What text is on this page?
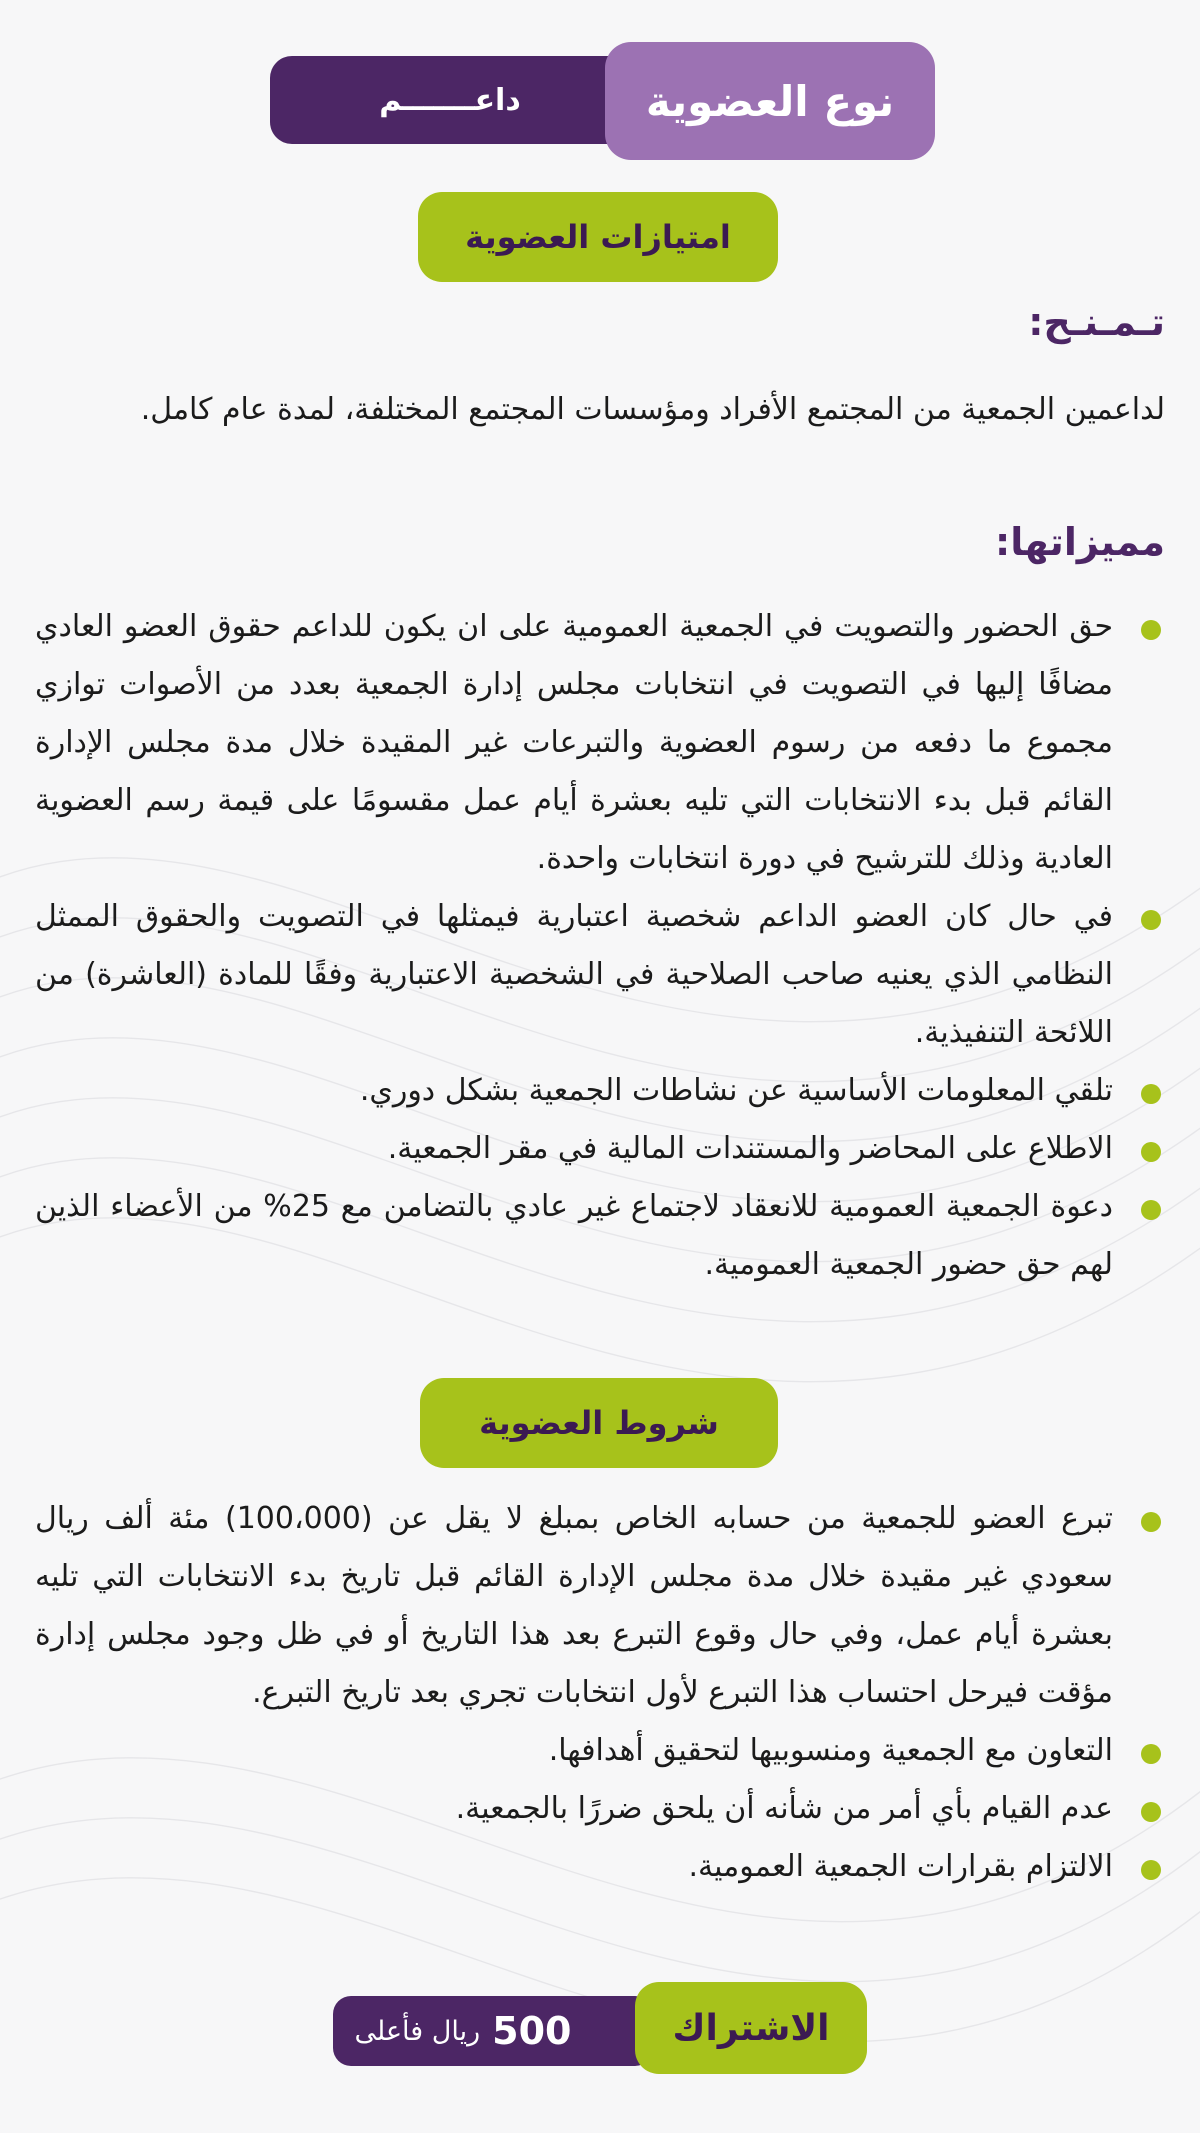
داعـــــــم	نوع العضوية
امتيازات العضوية
تـمـنـح:
لداعمين الجمعية من المجتمع الأفراد ومؤسسات المجتمع المختلفة، لمدة عام كامل.
مميزاتها:
حق الحضور والتصويت في الجمعية العمومية على ان يكون للداعم حقوق العضو العادي مضافًا إليها في التصويت في انتخابات مجلس إدارة الجمعية بعدد من الأصوات توازي مجموع ما دفعه من رسوم العضوية والتبرعات غير المقيدة خلال مدة مجلس الإدارة القائم قبل بدء الانتخابات التي تليه بعشرة أيام عمل مقسومًا على قيمة رسم العضوية العادية وذلك للترشيح في دورة انتخابات واحدة.
في حال كان العضو الداعم شخصية اعتبارية فيمثلها في التصويت والحقوق الممثل النظامي الذي يعنيه صاحب الصلاحية في الشخصية الاعتبارية وفقًا للمادة (العاشرة) من اللائحة التنفيذية.
تلقي المعلومات الأساسية عن نشاطات الجمعية بشكل دوري.
الاطلاع على المحاضر والمستندات المالية في مقر الجمعية.
دعوة الجمعية العمومية للانعقاد لاجتماع غير عادي بالتضامن مع 25% من الأعضاء الذين لهم حق حضور الجمعية العمومية.
شروط العضوية
تبرع العضو للجمعية من حسابه الخاص بمبلغ لا يقل عن (100،000) مئة ألف ريال سعودي غير مقيدة خلال مدة مجلس الإدارة القائم قبل تاريخ بدء الانتخابات التي تليه بعشرة أيام عمل، وفي حال وقوع التبرع بعد هذا التاريخ أو في ظل وجود مجلس إدارة مؤقت فيرحل احتساب هذا التبرع لأول انتخابات تجري بعد تاريخ التبرع.
التعاون مع الجمعية ومنسوبيها لتحقيق أهدافها.
عدم القيام بأي أمر من شأنه أن يلحق ضررًا بالجمعية.
الالتزام بقرارات الجمعية العمومية.
500
ريال فأعلى	الاشتراك
